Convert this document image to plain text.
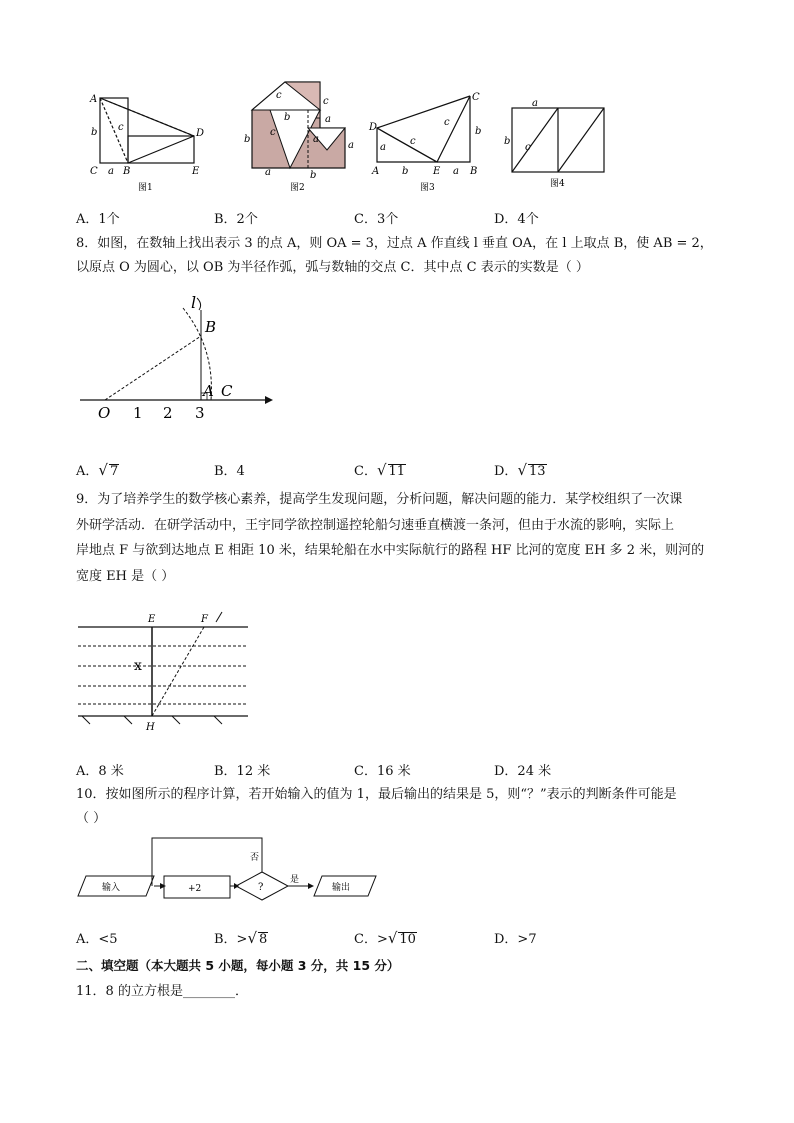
A
b c
C a B
D
E
图1
c
c
b
b
c
a
a
a
a	b
图2
D
C
A	E	B
a
b
c
c
a
b
图3
a
b
c
图4
A．1个	B．2个	C．3个	D．4个
8．如图，在数轴上找出表示 3 的点 A，则 OA = 3，过点 A 作直线 l 垂直 OA，在 l 上取点 B，使 AB = 2，
以原点 O 为圆心，以 OB 为半径作弧，弧与数轴的交点 C．其中点 C 表示的实数是（ ）
l
B
A C
O 1 2 3
A．√ 7	B．4	C．√ 11	D．√ 13
9．为了培养学生的数学核心素养，提高学生发现问题，分析问题，解决问题的能力．某学校组织了一次课
外研学活动．在研学活动中，王宇同学欲控制遥控轮船匀速垂直横渡一条河，但由于水流的影响，实际上
岸地点 F 与欲到达地点 E 相距 10 米，结果轮船在水中实际航行的路程 HF 比河的宽度 EH 多 2 米，则河的
宽度 EH 是（ ）
E	F
x
H
A．8 米	B．12 米	C．16 米	D．24 米
10．按如图所示的程序计算，若开始输入的值为 1，最后输出的结果是 5，则“？”表示的判断条件可能是
（ ）
输入	+2	?
是
否
输出
A．<5	B．>√ 8	C．>√ 10	D．>7
二、填空题（本大题共 5 小题，每小题 3 分，共 15 分）
11．8 的立方根是________．
